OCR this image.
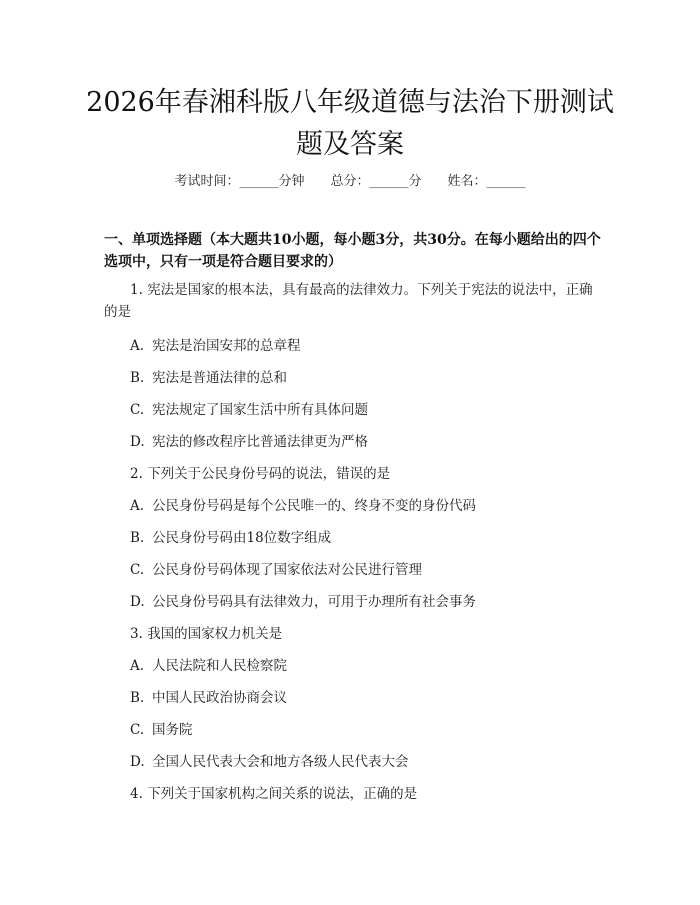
2026年春湘科版八年级道德与法治下册测试题及答案
考试时间：______分钟 总分：______分 姓名：______
一、单项选择题（本大题共10小题，每小题3分，共30分。在每小题给出的四个选项中，只有一项是符合题目要求的）
1. 宪法是国家的根本法，具有最高的法律效力。下列关于宪法的说法中，正确的是
A. 宪法是治国安邦的总章程
B. 宪法是普通法律的总和
C. 宪法规定了国家生活中所有具体问题
D. 宪法的修改程序比普通法律更为严格
2. 下列关于公民身份号码的说法，错误的是
A. 公民身份号码是每个公民唯一的、终身不变的身份代码
B. 公民身份号码由18位数字组成
C. 公民身份号码体现了国家依法对公民进行管理
D. 公民身份号码具有法律效力，可用于办理所有社会事务
3. 我国的国家权力机关是
A. 人民法院和人民检察院
B. 中国人民政治协商会议
C. 国务院
D. 全国人民代表大会和地方各级人民代表大会
4. 下列关于国家机构之间关系的说法，正确的是
